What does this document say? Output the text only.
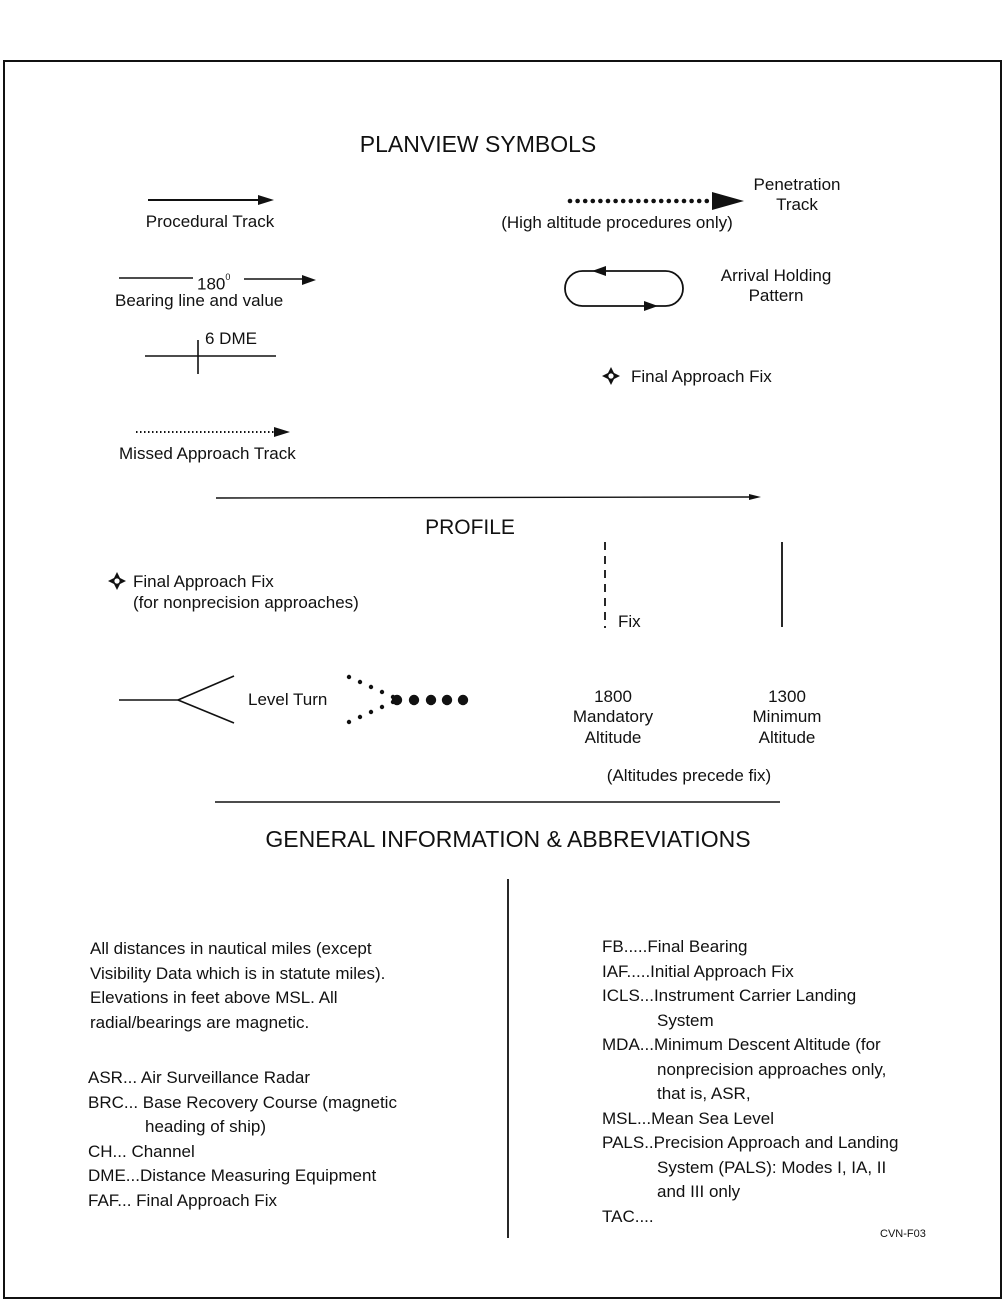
PLANVIEW SYMBOLS
Procedural Track
Penetration
Track
(High altitude procedures only)
$180^0$
Bearing line and value
Arrival Holding
Pattern
6 DME
Final Approach Fix
Missed Approach Track
PROFILE
Final Approach Fix
(for nonprecision approaches)
Fix
Level Turn	1800
Mandatory
Altitude
1300
Minimum
Altitude
(Altitudes precede fix)
GENERAL INFORMATION & ABBREVIATIONS
All distances in nautical miles (except
Visibility Data which is in statute miles).
Elevations in feet above MSL. All
radial/bearings are magnetic.
ASR... Air Surveillance Radar
BRC... Base Recovery Course (magnetic
heading of ship)
CH... Channel
DME...Distance Measuring Equipment
FAF... Final Approach Fix
FB.....Final Bearing
IAF.....Initial Approach Fix
ICLS...Instrument Carrier Landing
System
MDA...Minimum Descent Altitude (for
nonprecision approaches only,
that is, ASR,
MSL...Mean Sea Level
PALS..Precision Approach and Landing
System (PALS): Modes I, IA, II
and III only
TAC....
CVN-F03
